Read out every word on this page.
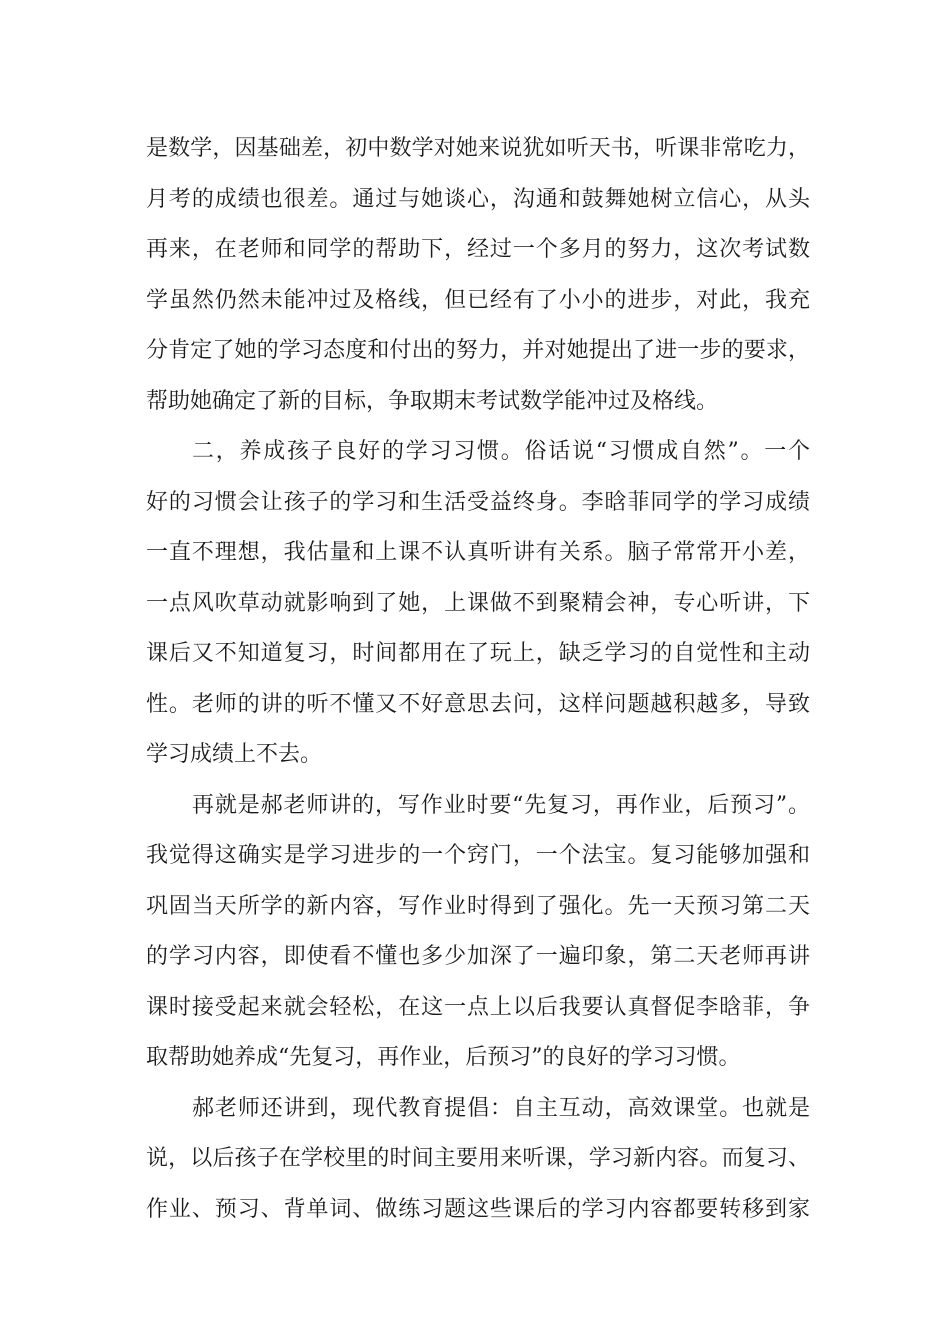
是数学，因基础差，初中数学对她来说犹如听天书，听课非常吃力，
月考的成绩也很差。通过与她谈心，沟通和鼓舞她树立信心，从头
再来，在老师和同学的帮助下，经过一个多月的努力，这次考试数
学虽然仍然未能冲过及格线，但已经有了小小的进步，对此，我充
分肯定了她的学习态度和付出的努力，并对她提出了进一步的要求，
帮助她确定了新的目标，争取期末考试数学能冲过及格线。
二，养成孩子良好的学习习惯。俗话说“习惯成自然”。一个
好的习惯会让孩子的学习和生活受益终身。李晗菲同学的学习成绩
一直不理想，我估量和上课不认真听讲有关系。脑子常常开小差，
一点风吹草动就影响到了她，上课做不到聚精会神，专心听讲，下
课后又不知道复习，时间都用在了玩上，缺乏学习的自觉性和主动
性。老师的讲的听不懂又不好意思去问，这样问题越积越多，导致
学习成绩上不去。
再就是郝老师讲的，写作业时要“先复习，再作业，后预习”。
我觉得这确实是学习进步的一个窍门，一个法宝。复习能够加强和
巩固当天所学的新内容，写作业时得到了强化。先一天预习第二天
的学习内容，即使看不懂也多少加深了一遍印象，第二天老师再讲
课时接受起来就会轻松，在这一点上以后我要认真督促李晗菲，争
取帮助她养成“先复习，再作业，后预习”的良好的学习习惯。
郝老师还讲到，现代教育提倡：自主互动，高效课堂。也就是
说，以后孩子在学校里的时间主要用来听课，学习新内容。而复习、
作业、预习、背单词、做练习题这些课后的学习内容都要转移到家
